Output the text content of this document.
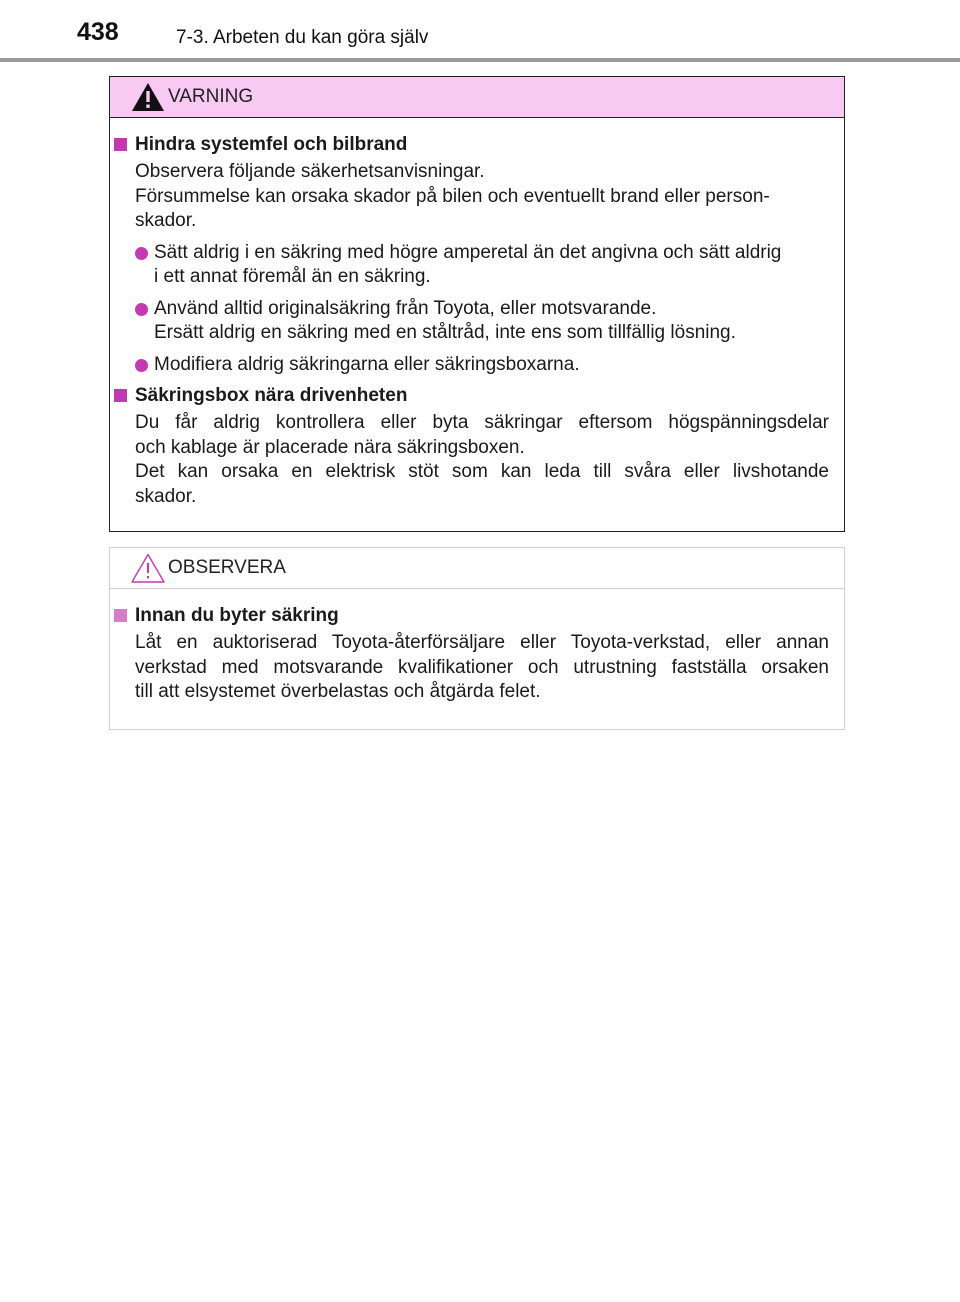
438	7-3. Arbeten du kan göra själv
VARNING
Hindra systemfel och bilbrand
Observera följande säkerhetsanvisningar.
Försummelse kan orsaka skador på bilen och eventuellt brand eller person-
skador.
Sätt aldrig i en säkring med högre amperetal än det angivna och sätt aldrig
i ett annat föremål än en säkring.
Använd alltid originalsäkring från Toyota, eller motsvarande.
Ersätt aldrig en säkring med en ståltråd, inte ens som tillfällig lösning.
Modifiera aldrig säkringarna eller säkringsboxarna.
Säkringsbox nära drivenheten
Du får aldrig kontrollera eller byta säkringar eftersom högspänningsdelar
och kablage är placerade nära säkringsboxen.
Det kan orsaka en elektrisk stöt som kan leda till svåra eller livshotande
skador.
OBSERVERA
Innan du byter säkring
Låt en auktoriserad Toyota-återförsäljare eller Toyota-verkstad, eller annan
verkstad med motsvarande kvalifikationer och utrustning fastställa orsaken
till att elsystemet överbelastas och åtgärda felet.
